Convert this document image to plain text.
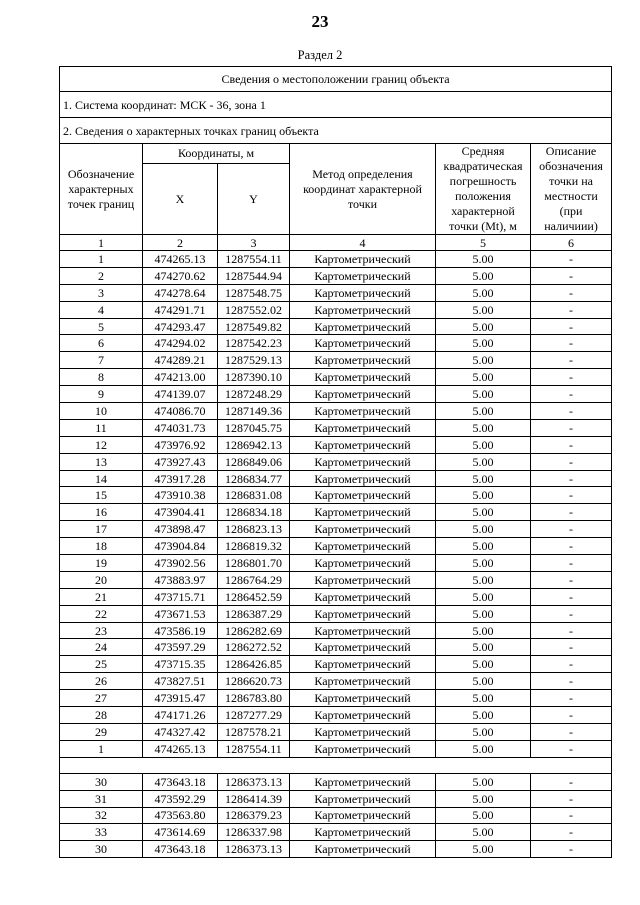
23
Раздел 2
Сведения о местоположении границ объекта					
1. Система координат: МСК - 36, зона 1					
2. Сведения о характерных точках границ объекта					
Обозначение характерных точек границ	Координаты, м		Метод определения координат характерной точки	Средняя квадратическая погрешность положения характерной точки (Mt), м	Описание обозначения точки на местности (при наличиии)
	X	Y			
1	2	3	4	5	6
1	474265.13	1287554.11	Картометрический	5.00	-
2	474270.62	1287544.94	Картометрический	5.00	-
3	474278.64	1287548.75	Картометрический	5.00	-
4	474291.71	1287552.02	Картометрический	5.00	-
5	474293.47	1287549.82	Картометрический	5.00	-
6	474294.02	1287542.23	Картометрический	5.00	-
7	474289.21	1287529.13	Картометрический	5.00	-
8	474213.00	1287390.10	Картометрический	5.00	-
9	474139.07	1287248.29	Картометрический	5.00	-
10	474086.70	1287149.36	Картометрический	5.00	-
11	474031.73	1287045.75	Картометрический	5.00	-
12	473976.92	1286942.13	Картометрический	5.00	-
13	473927.43	1286849.06	Картометрический	5.00	-
14	473917.28	1286834.77	Картометрический	5.00	-
15	473910.38	1286831.08	Картометрический	5.00	-
16	473904.41	1286834.18	Картометрический	5.00	-
17	473898.47	1286823.13	Картометрический	5.00	-
18	473904.84	1286819.32	Картометрический	5.00	-
19	473902.56	1286801.70	Картометрический	5.00	-
20	473883.97	1286764.29	Картометрический	5.00	-
21	473715.71	1286452.59	Картометрический	5.00	-
22	473671.53	1286387.29	Картометрический	5.00	-
23	473586.19	1286282.69	Картометрический	5.00	-
24	473597.29	1286272.52	Картометрический	5.00	-
25	473715.35	1286426.85	Картометрический	5.00	-
26	473827.51	1286620.73	Картометрический	5.00	-
27	473915.47	1286783.80	Картометрический	5.00	-
28	474171.26	1287277.29	Картометрический	5.00	-
29	474327.42	1287578.21	Картометрический	5.00	-
1	474265.13	1287554.11	Картометрический	5.00	-

30	473643.18	1286373.13	Картометрический	5.00	-
31	473592.29	1286414.39	Картометрический	5.00	-
32	473563.80	1286379.23	Картометрический	5.00	-
33	473614.69	1286337.98	Картометрический	5.00	-
30	473643.18	1286373.13	Картометрический	5.00	-
